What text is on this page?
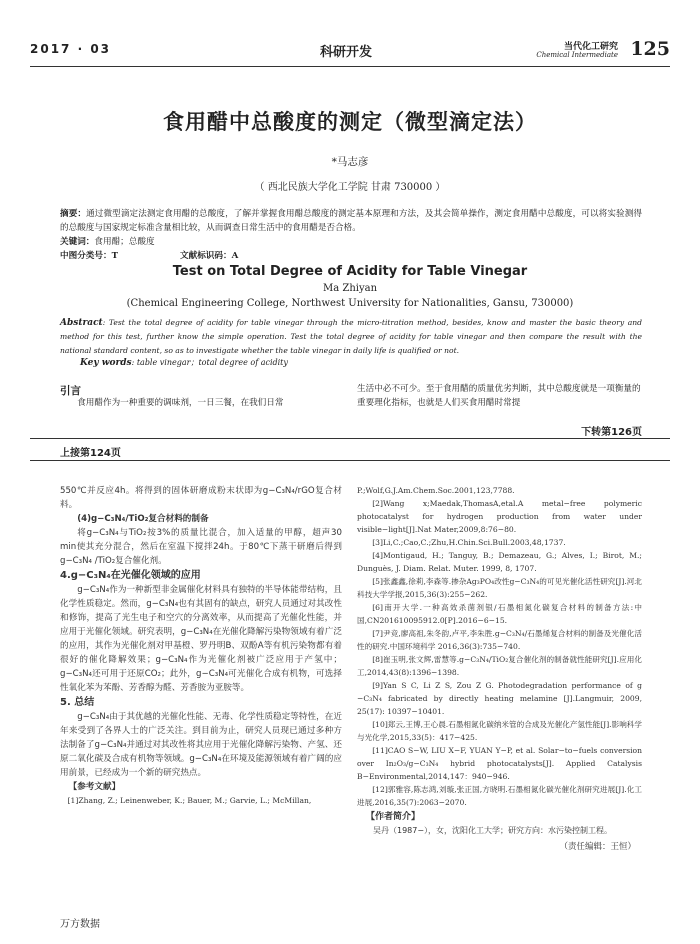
2017 · 03	科研开发	当代化工研究
Chemical Intermediate 125
食用醋中总酸度的测定（微型滴定法）
*马志彦
（ 西北民族大学化工学院 甘肃 730000 ）
摘要：通过微型滴定法测定食用醋的总酸度，了解并掌握食用醋总酸度的测定基本原理和方法，及其会简单操作，测定食用醋中总酸度，可以将实验测得的总酸度与国家规定标准含量相比较，从而调查日常生活中的食用醋是否合格。
关键词：食用醋；总酸度
中图分类号：T	文献标识码：A
Test on Total Degree of Acidity for Table Vinegar
Ma Zhiyan
(Chemical Engineering College, Northwest University for Nationalities, Gansu, 730000)
Abstract: Test the total degree of acidity for table vinegar through the micro-titration method, besides, know and master the basic theory and method for this test, further know the simple operation. Test the total degree of acidity for table vinegar and then compare the result with the national standard content, so as to investigate whether the table vinegar in daily life is qualified or not.
Key words: table vinegar；total degree of acidity
引言
食用醋作为一种重要的调味剂，一日三餐，在我们日常
生活中必不可少。至于食用醋的质量优劣判断，其中总酸度就是一项衡量的重要理化指标，也就是人们买食用醋时常提
下转第126页
上接第124页

550℃并反应4h。将得到的固体研磨成粉末状即为g−C₃N₄/rGO复合材料。

(4)g−C₃N₄/TiO₂复合材料的制备

将g−C₃N₄与TiO₂按3%的质量比混合，加入适量的甲醇，超声30 min使其充分混合，然后在室温下搅拌24h。于80℃下蒸干研磨后得到g−C₃N₄ /TiO₂复合催化剂。

4.g−C₃N₄在光催化领域的应用

g−C₃N₄作为一种新型非金属催化材料具有独特的半导体能带结构，且化学性质稳定。然而，g−C₃N₄也有其固有的缺点，研究人员通过对其改性和修饰，提高了光生电子和空穴的分离效率，从而提高了光催化性能，并应用于光催化领域。研究表明，g−C₃N₄在光催化降解污染物领域有着广泛的应用，其作为光催化剂对甲基橙、罗丹明B、双酚A等有机污染物都有着很好的催化降解效果；g−C₃N₄作为光催化剂被广泛应用于产氢中；g−C₃N₄还可用于还原CO₂；此外，g−C₃N₄可光催化合成有机物，可选择性氧化苯为苯酚、芳香醇为醛、芳香胺为亚胺等。

5. 总结

g−C₃N₄由于其优越的光催化性能、无毒、化学性质稳定等特性，在近年来受到了各界人士的广泛关注。到目前为止，研究人员现已通过多种方法制备了g−C₃N₄并通过对其改性将其应用于光催化降解污染物、产氢、还原二氧化碳及合成有机物等领域。g−C₃N₄在环境及能源领域有着广阔的应用前景，已经成为一个新的研究热点。

【参考文献】
[1]Zhang, Z.; Leinenweber, K.; Bauer, M.; Garvie, L.; McMillan,

P.;Wolf,G.J.Am.Chem.Soc.2001,123,7788.

[2]Wang x;Maedak,ThomasA,etal.A metal−free polymeric photocatalyst for hydrogen production from water under visible−light[J].Nat Mater,2009,8:76−80.

[3]Li,C.;Cao,C.;Zhu,H.Chin.Sci.Bull.2003,48,1737.

[4]Montigaud, H.; Tanguy, B.; Demazeau, G.; Alves, I.; Birot, M.; Dunguès, J. Diam. Relat. Muter. 1999, 8, 1707.

[5]张鑫鑫,徐莉,李森等.掺杂Ag₃PO₄改性g−C₃N₄的可见光催化活性研究[J].河北科技大学学报,2015,36(3):255−262.

[6]南开大学.一种高效杀菌剂银/石墨相氮化碳复合材料的制备方法:中国,CN201610095912.0[P].2016−6−15.

[7]尹竞,廖高祖,朱冬韵,卢平,李朱胜.g−C₃N₄/石墨烯复合材料的制备及光催化活性的研究.中国环境科学 2016,36(3):735−740.

[8]崔玉明,张文辉,雷慧等.g−C₃N₄/TiO₂复合催化剂的制备就性能研究[J].应用化工,2014,43(8):1396−1398.

[9]Yan S C, Li Z S, Zou Z G. Photodegradation performance of g −C₃N₄ fabricated by directly heating melamine [J].Langmuir, 2009, 25(17): 10397−10401.

[10]郑云,王博,王心晨.石墨相氮化碳纳米管的合成及光催化产氢性能[J].影响科学与光化学,2015,33(5)：417−425.

[11]CAO S−W, LIU X−F, YUAN Y−P, et al. Solar−to−fuels conversion over In₂O₃/g−C₃N₄ hybrid photocatalysts[J]. Applied Catalysis B−Environmental,2014,147：940−946.

[12]郭雅容,陈志鸿,刘璇,张正国,方晓明.石墨相氮化碳光催化剂研究进展[J].化工进展,2016,35(7):2063−2070.

【作者简介】

吴丹（1987−），女，沈阳化工大学；研究方向：水污染控制工程。

（责任编辑：王恒）

万方数据
